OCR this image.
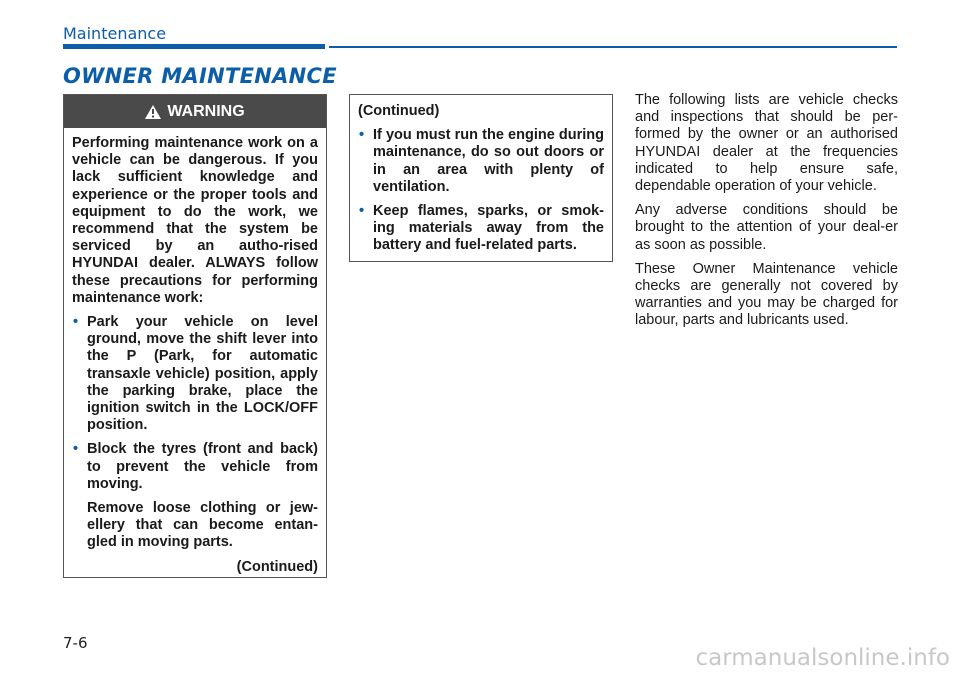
Maintenance
OWNER MAINTENANCE
WARNING

Performing maintenance work on a vehicle can be dangerous. If you lack sufficient knowledge and experience or the proper tools and equipment to do the work, we recommend that the system be serviced by an autho-rised HYUNDAI dealer. ALWAYS follow these precautions for performing maintenance work:

• Park your vehicle on level ground, move the shift lever into the P (Park, for automatic transaxle vehicle) position, apply the parking brake, place the ignition switch in the LOCK/OFF position.
• Block the tyres (front and back) to prevent the vehicle from moving.

Remove loose clothing or jew-ellery that can become entan-gled in moving parts.

(Continued)

(Continued)

• If you must run the engine during maintenance, do so out doors or in an area with plenty of ventilation.
• Keep flames, sparks, or smok-ing materials away from the battery and fuel-related parts.

The following lists are vehicle checks and inspections that should be per-formed by the owner or an authorised HYUNDAI dealer at the frequencies indicated to help ensure safe, dependable operation of your vehicle.

Any adverse conditions should be brought to the attention of your deal-er as soon as possible.

These Owner Maintenance vehicle checks are generally not covered by warranties and you may be charged for labour, parts and lubricants used.

7-6
carmanualsonline.info
